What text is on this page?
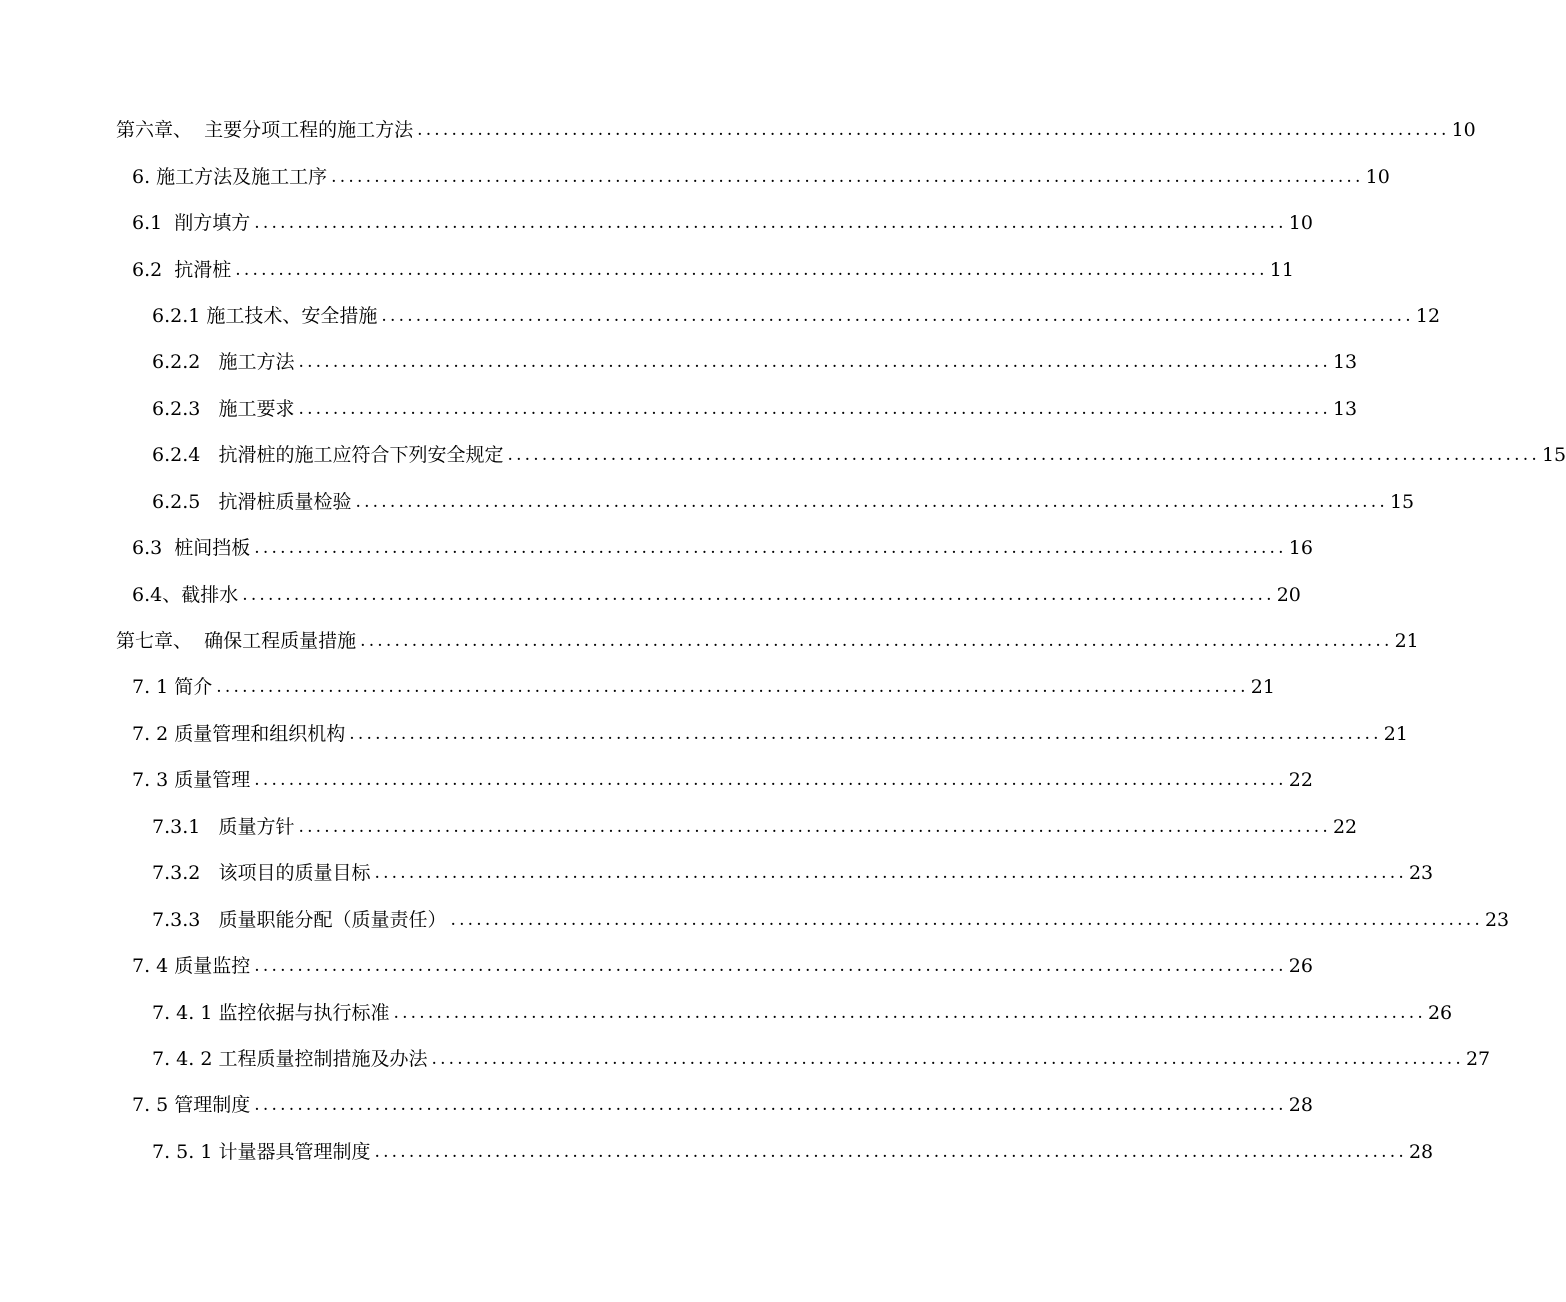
第六章、  主要分项工程的施工方法 ........................................................................................................................ 10
6. 施工方法及施工工序 ........................................................................................................................ 10
6.1  削方填方 ........................................................................................................................ 10
6.2  抗滑桩 ........................................................................................................................ 11
6.2.1 施工技术、安全措施 ........................................................................................................................ 12
6.2.2   施工方法 ........................................................................................................................ 13
6.2.3   施工要求 ........................................................................................................................ 13
6.2.4   抗滑桩的施工应符合下列安全规定 ........................................................................................................................ 15
6.2.5   抗滑桩质量检验 ........................................................................................................................ 15
6.3  桩间挡板 ........................................................................................................................ 16
6.4、截排水 ........................................................................................................................ 20
第七章、  确保工程质量措施 ........................................................................................................................ 21
7. 1 简介 ........................................................................................................................ 21
7. 2 质量管理和组织机构 ........................................................................................................................ 21
7. 3 质量管理 ........................................................................................................................ 22
7.3.1   质量方针 ........................................................................................................................ 22
7.3.2   该项目的质量目标 ........................................................................................................................ 23
7.3.3   质量职能分配（质量责任） ........................................................................................................................ 23
7. 4 质量监控 ........................................................................................................................ 26
7. 4. 1 监控依据与执行标准 ........................................................................................................................ 26
7. 4. 2 工程质量控制措施及办法 ........................................................................................................................ 27
7. 5 管理制度 ........................................................................................................................ 28
7. 5. 1 计量器具管理制度 ........................................................................................................................ 28
